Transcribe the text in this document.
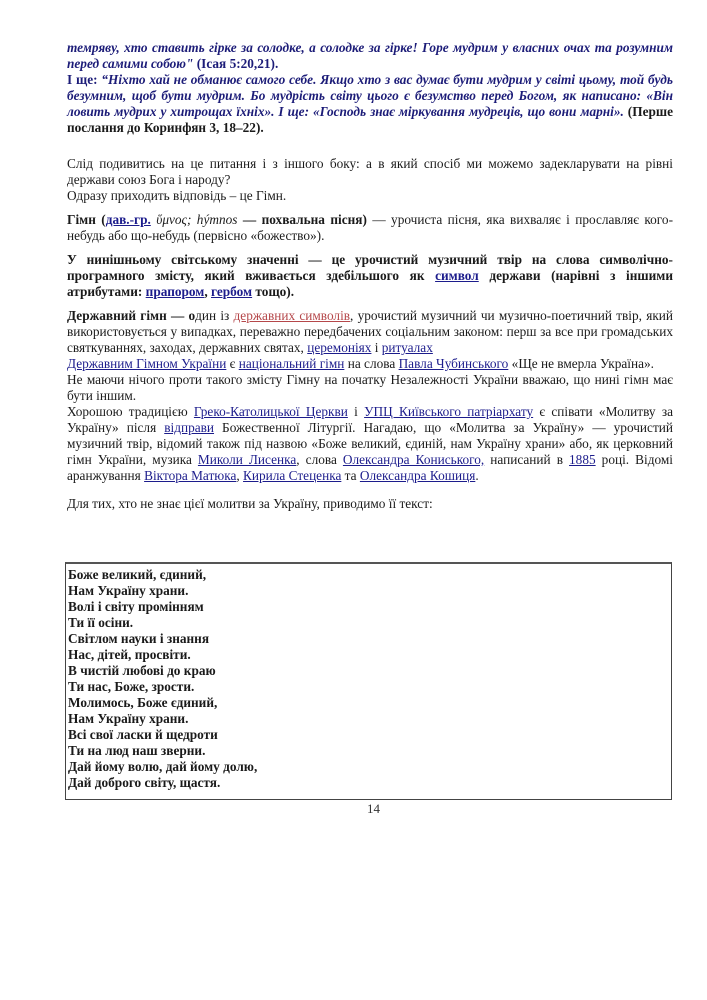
темряву, хто ставить гірке за солодке, а солодке за гірке! Горе мудрим у власних очах та розумним перед самими собою" (Ісая 5:20,21).

І ще: “Ніхто хай не обманює самого себе. Якщо хто з вас думає бути мудрим у світі цьому, той будь безумним, щоб бути мудрим. Бо мудрість світу цього є безумство перед Богом, як написано: «Він ловить мудрих у хитрощах їхніх». І ще: «Господь знає міркування мудреців, що вони марні». (Перше послання до Коринфян 3, 18–22).

Слід подивитись на це питання і з іншого боку: а в який спосіб ми можемо задекларувати на рівні держави союз Бога і народу?

Одразу приходить відповідь – це Гімн.

Гімн (дав.-гр. ὕμνος; hýmnos — похвальна пісня) — урочиста пісня, яка вихваляє і прославляє кого-небудь або що-небудь (первісно «божество»).

У нинішньому світському значенні — це урочистий музичний твір на слова символічно-програмного змісту, який вживається здебільшого як символ держави (нарівні з іншими атрибутами: прапором, гербом тощо).

Державний гімн — один із державних символів, урочистий музичний чи музично-поетичний твір, який використовується у випадках, переважно передбачених соціальним законом: перш за все при громадських святкуваннях, заходах, державних святах, церемоніях і ритуалах
Державним Гімном України є національний гімн на слова Павла Чубинського «Ще не вмерла Україна».

Не маючи нічого проти такого змісту Гімну на початку Незалежності України вважаю, що нині гімн має бути іншим.

Хорошою традицією Греко-Католицької Церкви і УПЦ Київського патріархату є співати «Молитву за Україну» після відправи Божественної Літургії. Нагадаю, що «Молитва за Україну» — урочистий музичний твір, відомий також під назвою «Боже великий, єдиній, нам Україну храни» або, як церковний гімн України, музика Миколи Лисенка, слова Олександра Кониського, написаний в 1885 році. Відомі аранжування Віктора Матюка, Кирила Стеценка та Олександра Кошиця.

Для тих, хто не знає цієї молитви за Україну, приводимо її текст:

Боже великий, єдиний,
Нам Україну храни.
Волі і світу промінням
Ти її осіни.
Світлом науки і знання
Нас, дітей, просвіти.
В чистій любові до краю
Ти нас, Боже, зрости.
Молимось, Боже єдиний,
Нам Україну храни.
Всі свої ласки й щедроти
Ти на люд наш зверни.
Дай йому волю, дай йому долю,
Дай доброго світу, щастя.
14
